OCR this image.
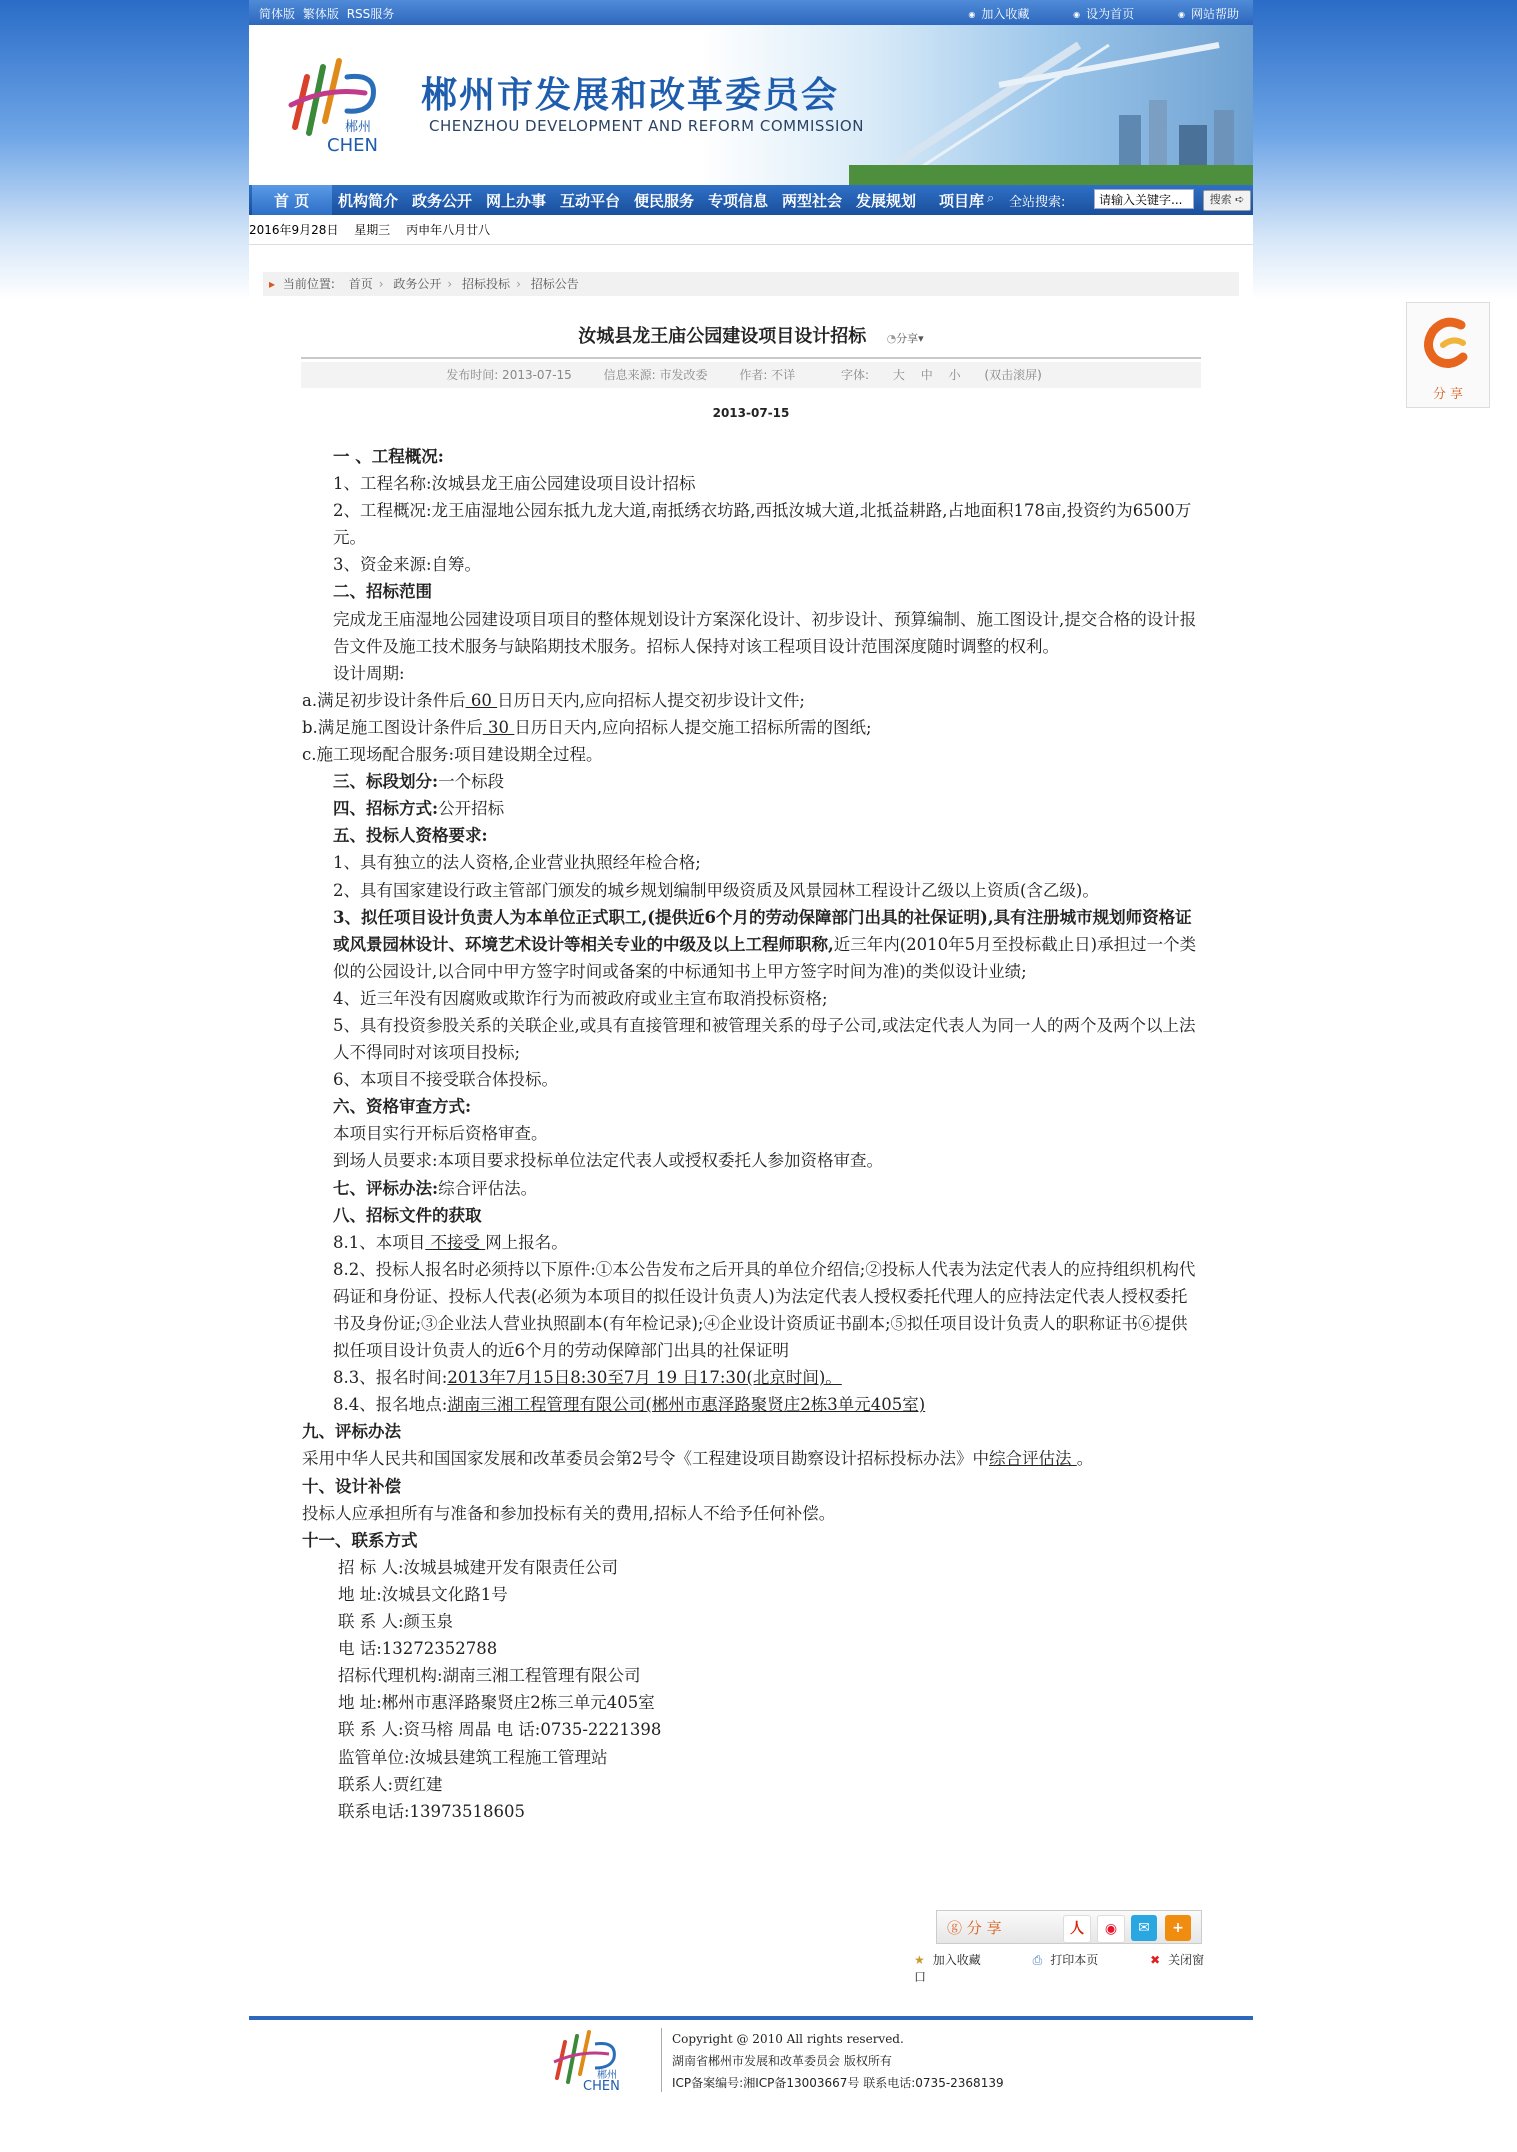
简体版 繁体版 RSS服务	◉ 加入收藏	◉ 设为首页	◉ 网站帮助
郴州
CHEN
郴州市发展和改革委员会
CHENZHOU DEVELOPMENT AND REFORM COMMISSION
首 页 机构简介 政务公开 网上办事 互动平台 便民服务 专项信息 两型社会 发展规划 项目库 ⌕ 全站搜索:
请输入关键字...	搜索 ➪
2016年9月28日 星期三 丙申年八月廿八
▸ 当前位置: 首页 › 政务公开 › 招标投标 › 招标公告
汝城县龙王庙公园建设项目设计招标 ◔分享▾
发布时间: 2013-07-15	信息来源: 市发改委	作者: 不详	字体: 大 中 小 (双击滚屏)
2013-07-15

一 、工程概况:

1、工程名称:汝城县龙王庙公园建设项目设计招标

2、工程概况:龙王庙湿地公园东抵九龙大道,南抵绣衣坊路,西抵汝城大道,北抵益耕路,占地面积178亩,投资约为6500万元。

3、资金来源:自筹。

二、招标范围

完成龙王庙湿地公园建设项目项目的整体规划设计方案深化设计、初步设计、预算编制、施工图设计,提交合格的设计报告文件及施工技术服务与缺陷期技术服务。招标人保持对该工程项目设计范围深度随时调整的权利。

设计周期:

a.满足初步设计条件后 60 日历日天内,应向招标人提交初步设计文件;

b.满足施工图设计条件后 30 日历日天内,应向招标人提交施工招标所需的图纸;

c.施工现场配合服务:项目建设期全过程。

三、标段划分:一个标段

四、招标方式:公开招标

五、投标人资格要求:

1、具有独立的法人资格,企业营业执照经年检合格;

2、具有国家建设行政主管部门颁发的城乡规划编制甲级资质及风景园林工程设计乙级以上资质(含乙级)。

3、拟任项目设计负责人为本单位正式职工,(提供近6个月的劳动保障部门出具的社保证明),具有注册城市规划师资格证或风景园林设计、环境艺术设计等相关专业的中级及以上工程师职称,近三年内(2010年5月至投标截止日)承担过一个类似的公园设计,以合同中甲方签字时间或备案的中标通知书上甲方签字时间为准)的类似设计业绩;

4、近三年没有因腐败或欺诈行为而被政府或业主宣布取消投标资格;

5、具有投资参股关系的关联企业,或具有直接管理和被管理关系的母子公司,或法定代表人为同一人的两个及两个以上法人不得同时对该项目投标;

6、本项目不接受联合体投标。

六、资格审查方式:

本项目实行开标后资格审查。

到场人员要求:本项目要求投标单位法定代表人或授权委托人参加资格审查。

七、评标办法:综合评估法。

八、招标文件的获取

8.1、本项目 不接受 网上报名。

8.2、投标人报名时必须持以下原件:①本公告发布之后开具的单位介绍信;②投标人代表为法定代表人的应持组织机构代码证和身份证、投标人代表(必须为本项目的拟任设计负责人)为法定代表人授权委托代理人的应持法定代表人授权委托书及身份证;③企业法人营业执照副本(有年检记录);④企业设计资质证书副本;⑤拟任项目设计负责人的职称证书⑥提供拟任项目设计负责人的近6个月的劳动保障部门出具的社保证明

8.3、报名时间:2013年7月15日8:30至7月 19 日17:30(北京时间)。

8.4、报名地点:湖南三湘工程管理有限公司(郴州市惠泽路聚贤庄2栋3单元405室)

九、评标办法

采用中华人民共和国国家发展和改革委员会第2号令《工程建设项目勘察设计招标投标办法》中综合评估法 。

十、设计补偿

投标人应承担所有与准备和参加投标有关的费用,招标人不给予任何补偿。

十一、联系方式

招 标 人:汝城县城建开发有限责任公司

地 址:汝城县文化路1号

联 系 人:颜玉泉

电 话:13272352788

招标代理机构:湖南三湘工程管理有限公司

地 址:郴州市惠泽路聚贤庄2栋三单元405室

联 系 人:资马榕 周晶 电 话:0735-2221398

监管单位:汝城县建筑工程施工管理站

联系人:贾红建

联系电话:13973518605

ⓖ 分 享	人	◉	✉	+
★ 加入收藏	⎙ 打印本页	✖ 关闭窗口
郴州
CHEN
Copyright @ 2010 All rights reserved.
湖南省郴州市发展和改革委员会 版权所有
ICP备案编号:湘ICP备13003667号 联系电话:0735-2368139
分 享
